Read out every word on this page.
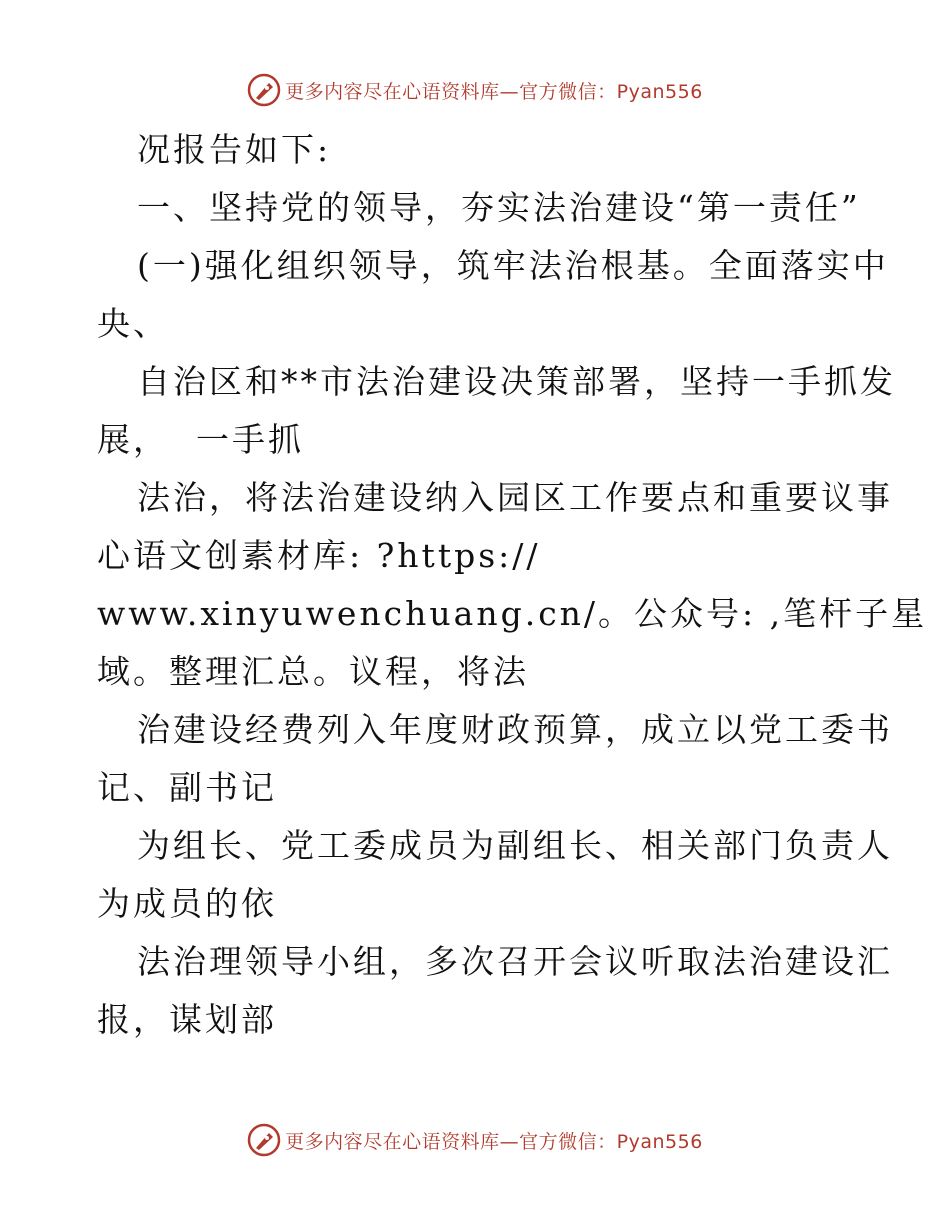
更多内容尽在心语资料库—官方微信：Pyan556
况报告如下:
一、坚持党的领导，夯实法治建设“第一责任”
(一)强化组织领导，筑牢法治根基。全面落实中
央、
自治区和**市法治建设决策部署，坚持一手抓发
展，  一手抓
法治，将法治建设纳入园区工作要点和重要议事
心语文创素材库: ?https://
www.xinyuwenchuang.cn/。公众号: ,笔杆子星
域。整理汇总。议程，将法
治建设经费列入年度财政预算，成立以党工委书
记、副书记
为组长、党工委成员为副组长、相关部门负责人
为成员的依
法治理领导小组，多次召开会议听取法治建设汇
报，谋划部
更多内容尽在心语资料库—官方微信：Pyan556
